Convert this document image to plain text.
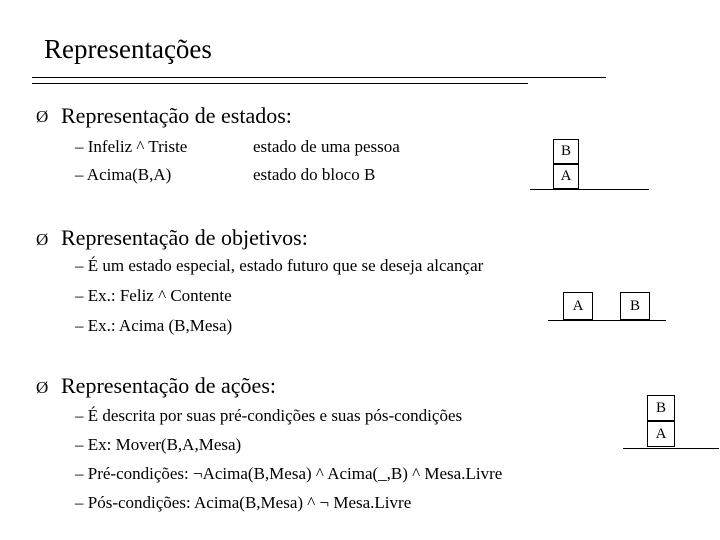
Representações
Ø Representação de estados:
– Infeliz ^ Triste	estado de uma pessoa
– Acima(B,A)	estado do bloco B
B
A
Ø Representação de objetivos:
– É um estado especial, estado futuro que se deseja alcançar
– Ex.: Feliz ^ Contente
– Ex.: Acima (B,Mesa)
A	B
Ø Representação de ações:
– É descrita por suas pré-condições e suas pós-condições
– Ex: Mover(B,A,Mesa)
– Pré-condições: ¬Acima(B,Mesa) ^ Acima(_,B) ^ Mesa.Livre
– Pós-condições: Acima(B,Mesa) ^ ¬ Mesa.Livre
B
A
